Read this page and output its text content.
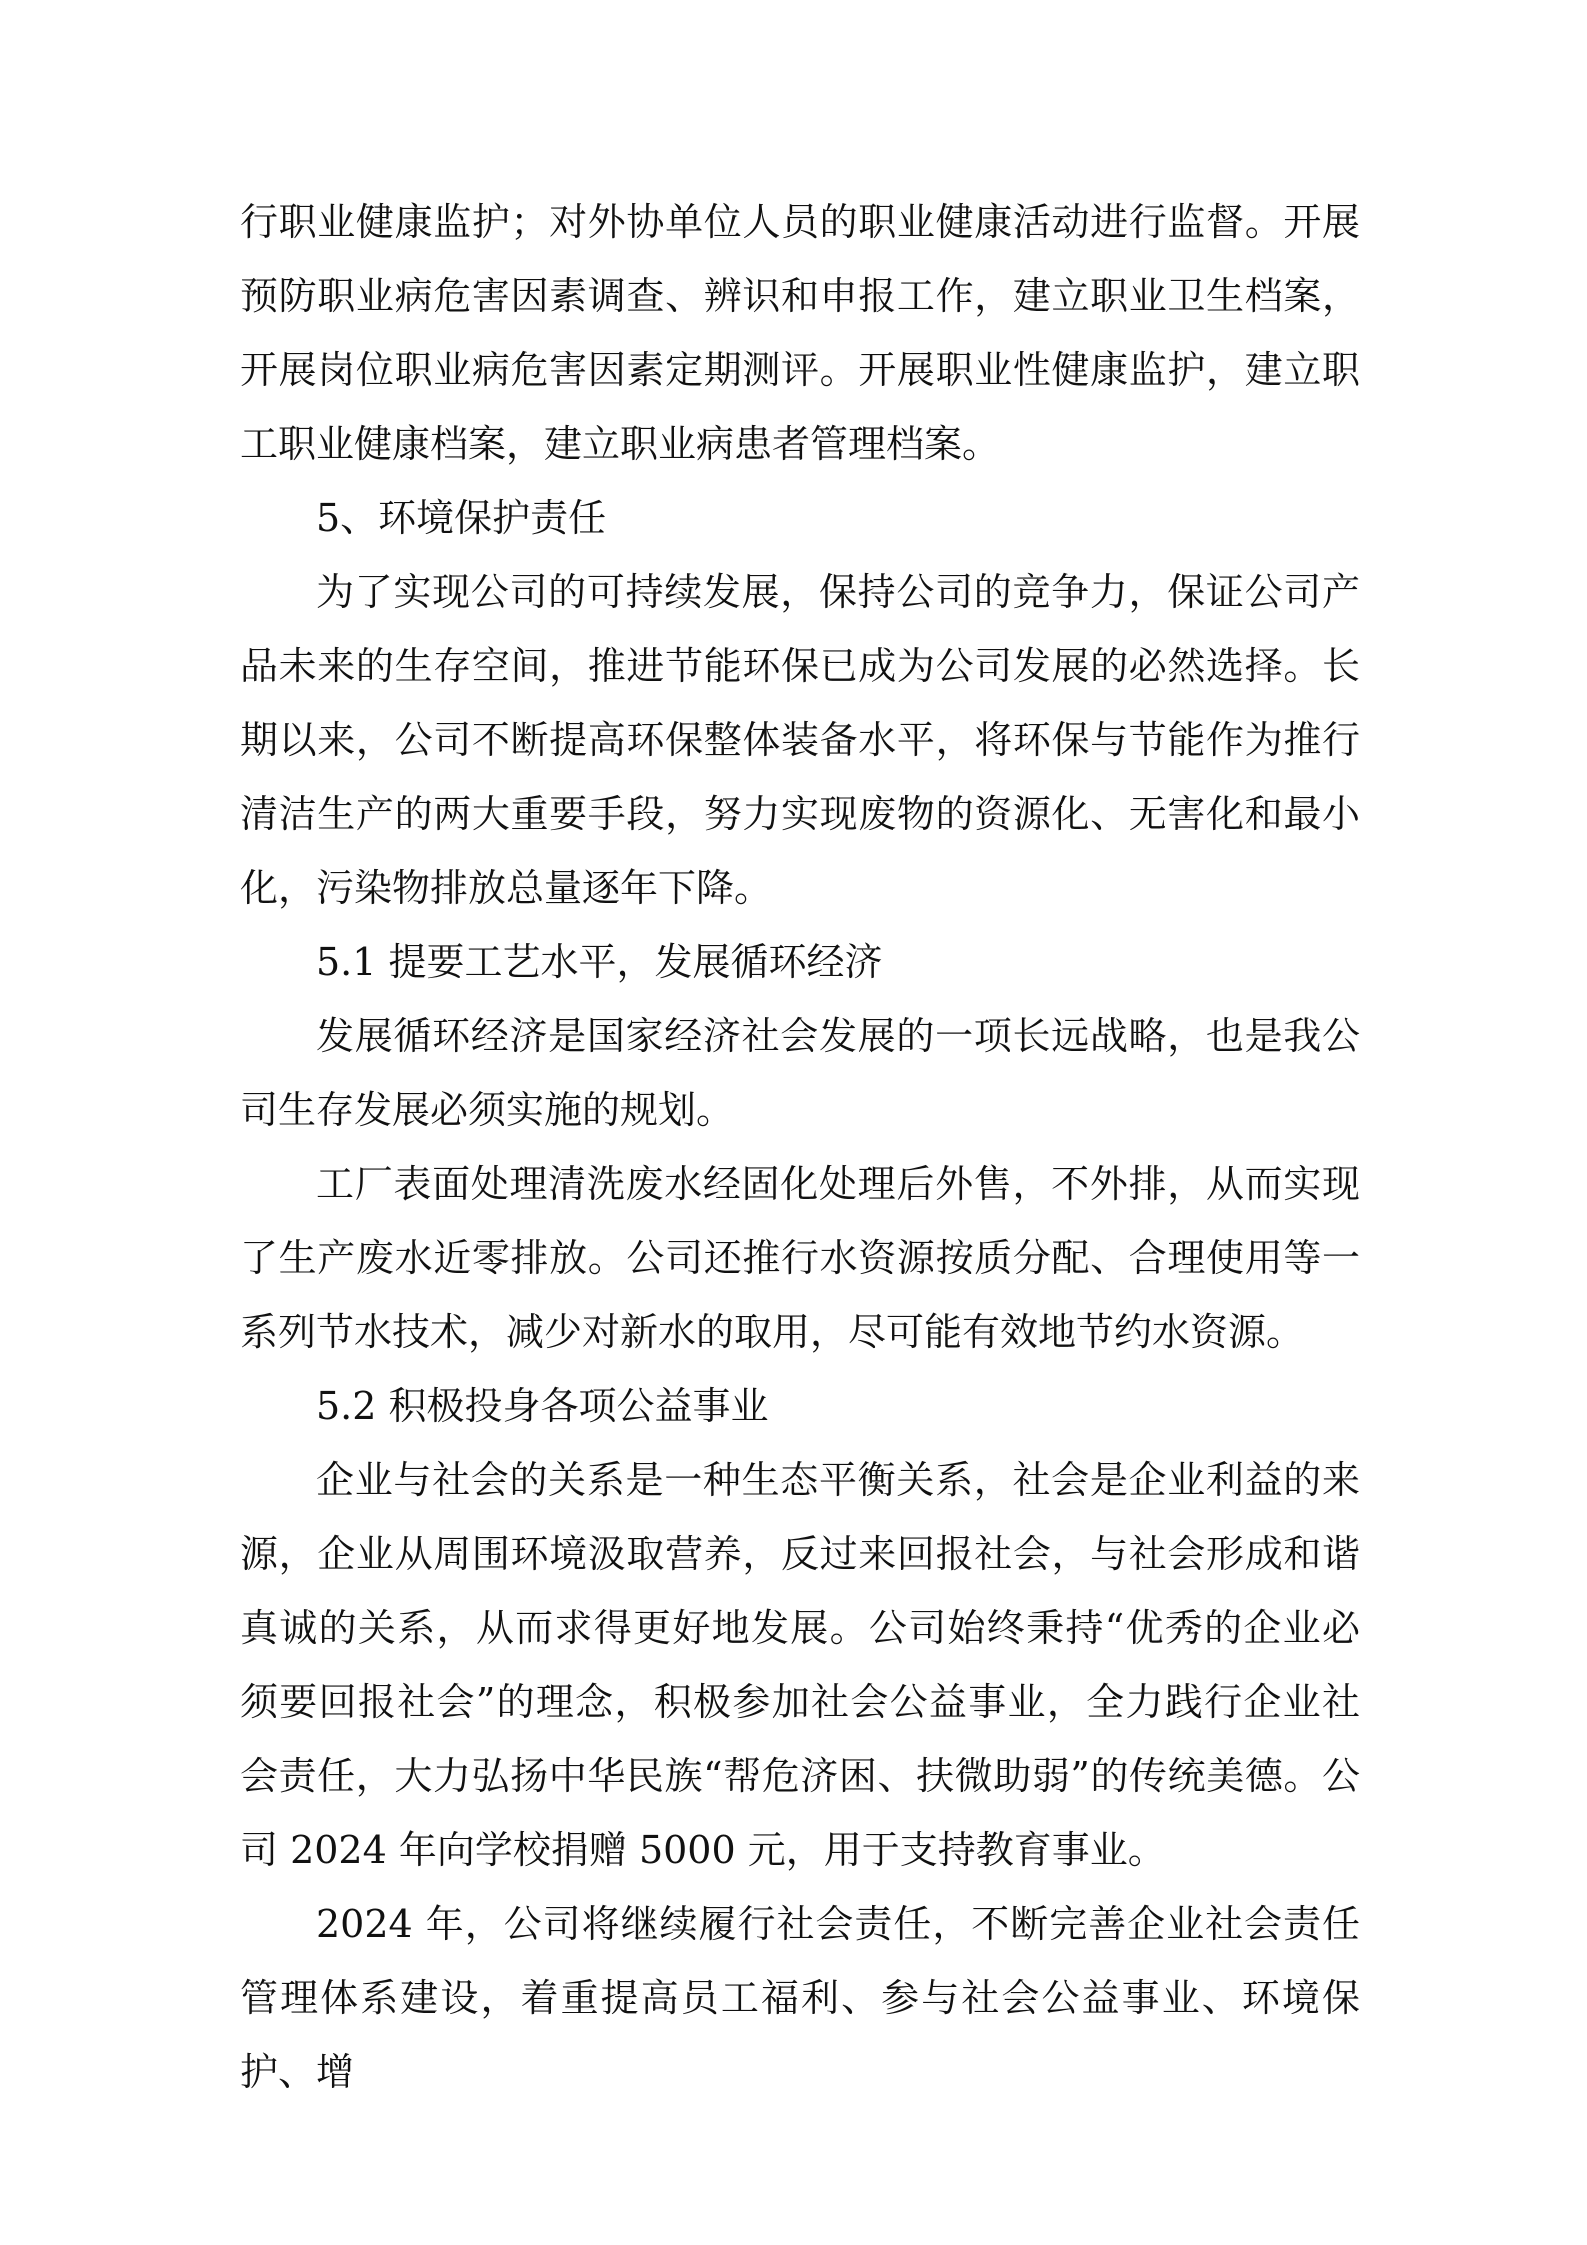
行职业健康监护；对外协单位人员的职业健康活动进行监督。开展预防职业病危害因素调查、辨识和申报工作，建立职业卫生档案，开展岗位职业病危害因素定期测评。开展职业性健康监护，建立职工职业健康档案，建立职业病患者管理档案。

5、环境保护责任

为了实现公司的可持续发展，保持公司的竞争力，保证公司产品未来的生存空间，推进节能环保已成为公司发展的必然选择。长期以来，公司不断提高环保整体装备水平，将环保与节能作为推行清洁生产的两大重要手段，努力实现废物的资源化、无害化和最小化，污染物排放总量逐年下降。

5.1 提要工艺水平，发展循环经济

发展循环经济是国家经济社会发展的一项长远战略，也是我公司生存发展必须实施的规划。

工厂表面处理清洗废水经固化处理后外售，不外排，从而实现了生产废水近零排放。公司还推行水资源按质分配、合理使用等一系列节水技术，减少对新水的取用，尽可能有效地节约水资源。

5.2 积极投身各项公益事业

企业与社会的关系是一种生态平衡关系，社会是企业利益的来源，企业从周围环境汲取营养，反过来回报社会，与社会形成和谐真诚的关系，从而求得更好地发展。公司始终秉持“优秀的企业必须要回报社会”的理念，积极参加社会公益事业，全力践行企业社会责任，大力弘扬中华民族“帮危济困、扶微助弱”的传统美德。公司 2024 年向学校捐赠 5000 元，用于支持教育事业。

2024 年，公司将继续履行社会责任，不断完善企业社会责任管理体系建设，着重提高员工福利、参与社会公益事业、环境保护、增
